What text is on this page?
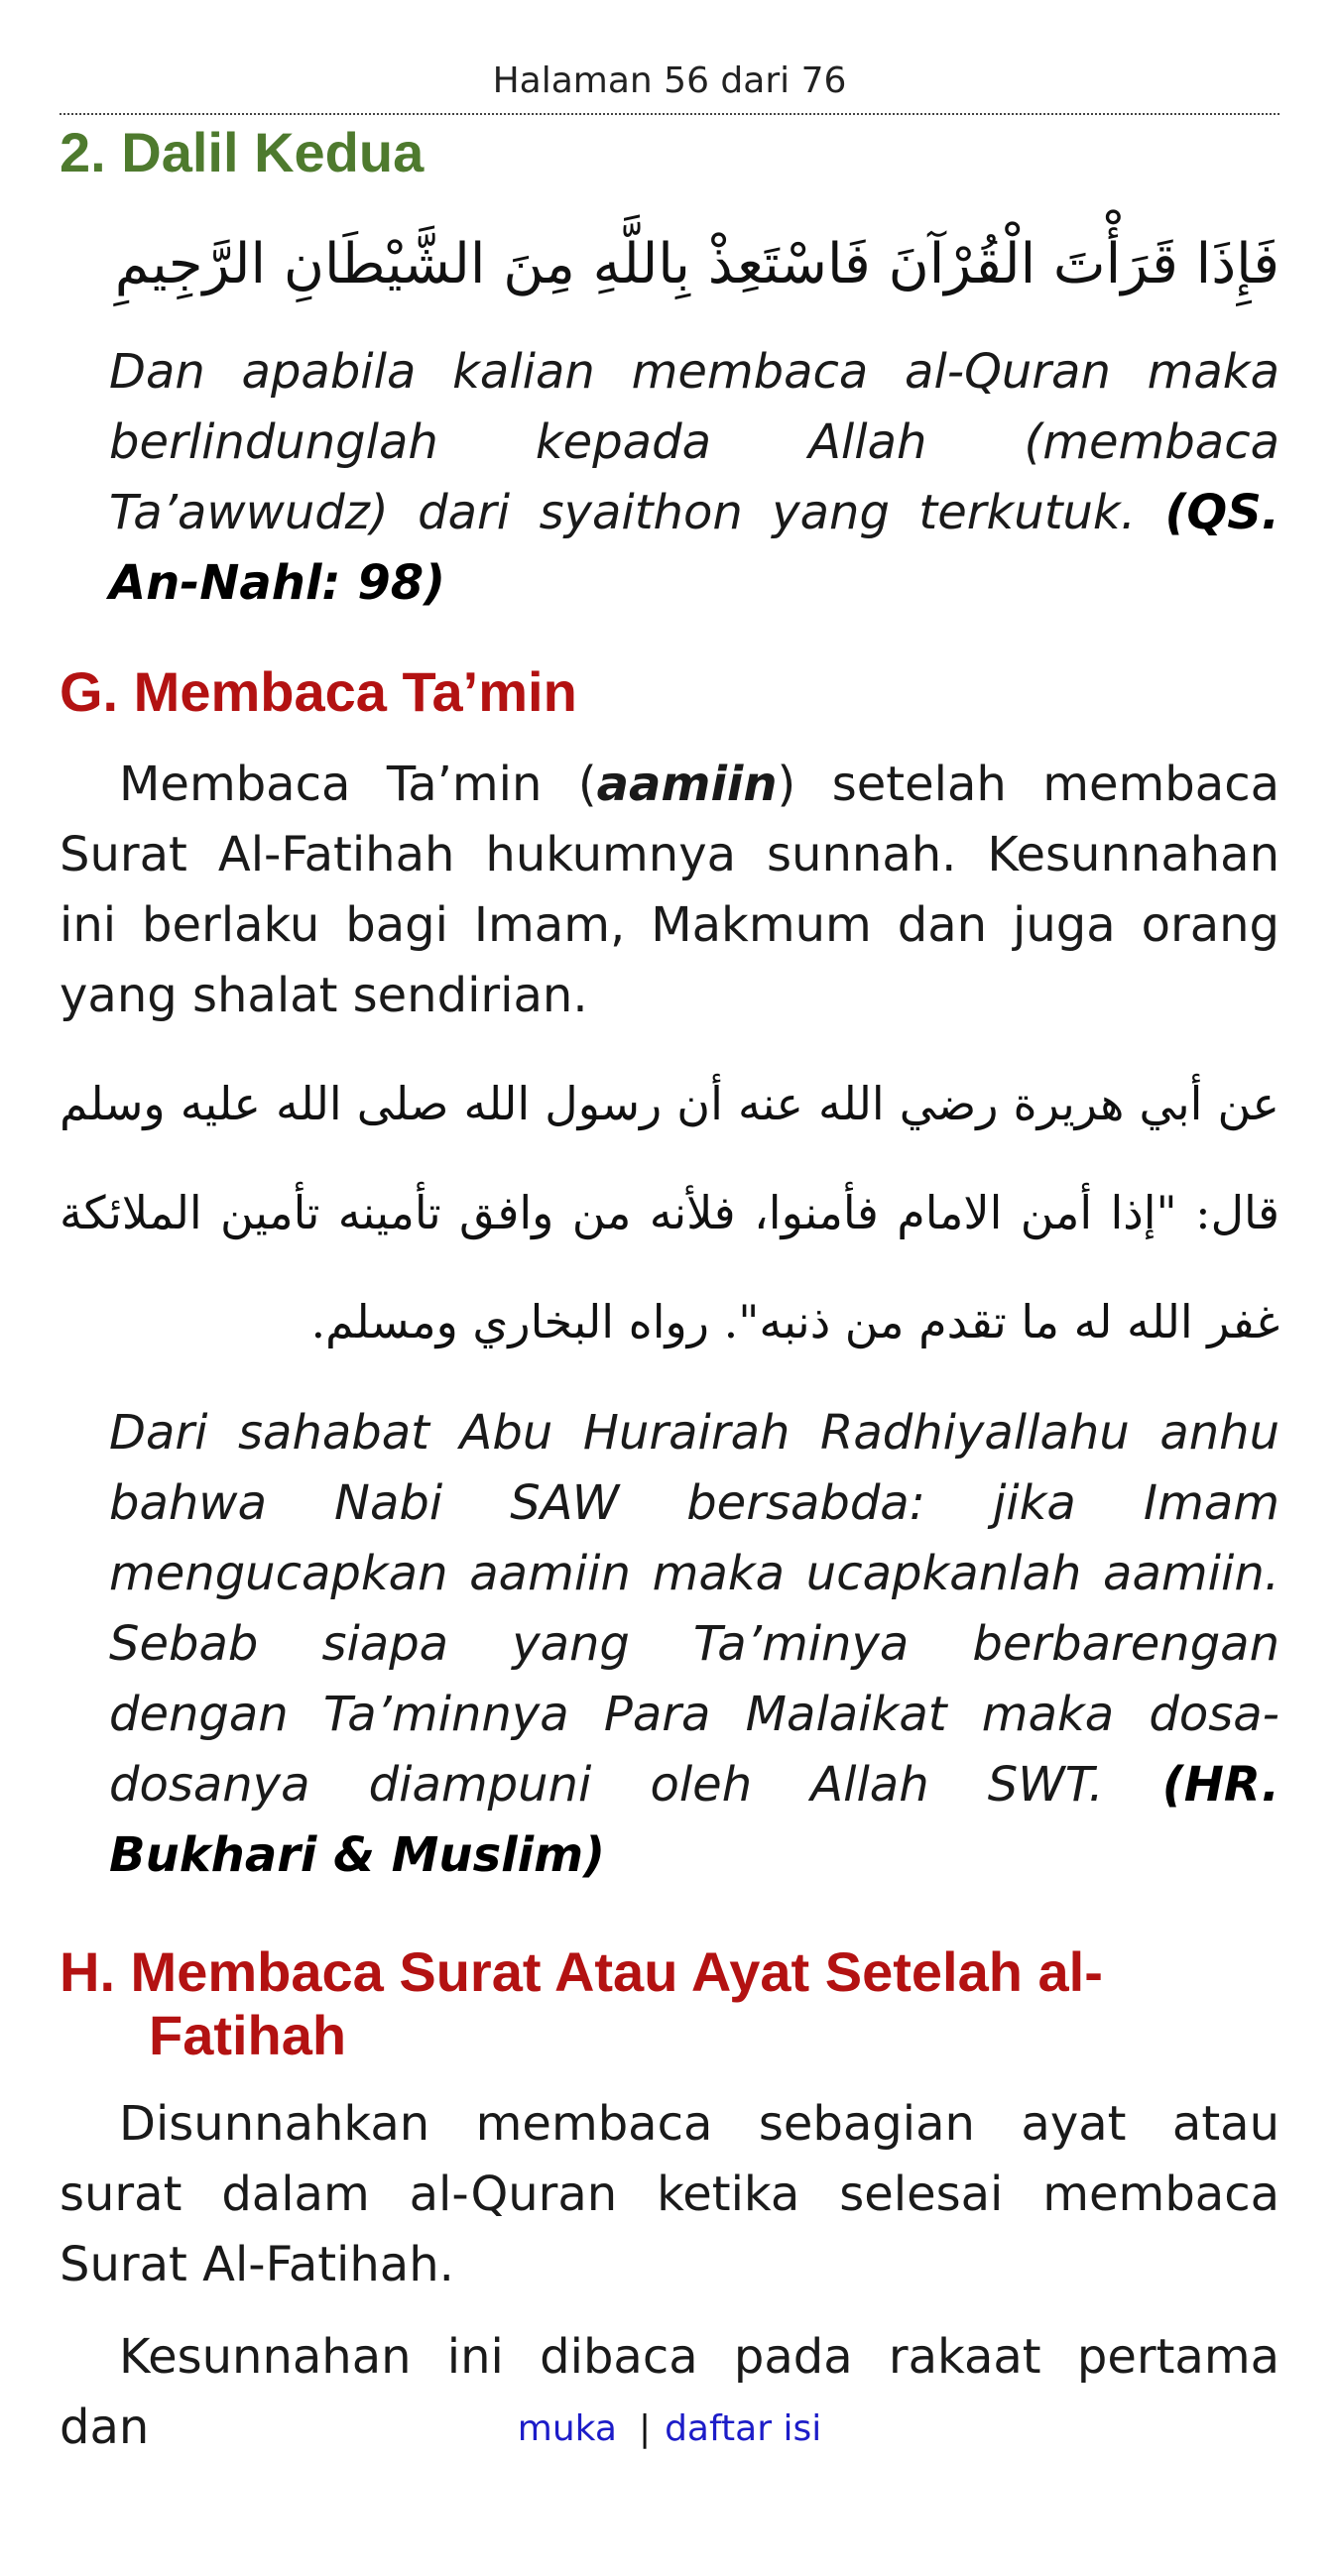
Halaman 56 dari 76
2. Dalil Kedua

فَإِذَا قَرَأْتَ الْقُرْآنَ فَاسْتَعِذْ بِاللَّهِ مِنَ الشَّيْطَانِ الرَّجِيمِ

Dan apabila kalian membaca al-Quran maka berlindunglah kepada Allah (membaca Ta’awwudz) dari syaithon yang terkutuk. (QS. An-Nahl: 98)

G. Membaca Ta’min

Membaca Ta’min (aamiin) setelah membaca Surat Al-Fatihah hukumnya sunnah. Kesunnahan ini berlaku bagi Imam, Makmum dan juga orang yang shalat sendirian.

عن أبي هريرة رضي الله عنه أن رسول الله صلى الله عليه وسلم قال: "إذا أمن الامام فأمنوا، فلأنه من وافق تأمينه تأمين الملائكة غفر الله له ما تقدم من ذنبه". رواه البخاري ومسلم.

Dari sahabat Abu Hurairah Radhiyallahu anhu bahwa Nabi SAW bersabda: jika Imam mengucapkan aamiin maka ucapkanlah aamiin. Sebab siapa yang Ta’minya berbarengan dengan Ta’minnya Para Malaikat maka dosa-dosanya diampuni oleh Allah SWT. (HR. Bukhari & Muslim)

H. Membaca Surat Atau Ayat Setelah al-
Fatihah

Disunnahkan membaca sebagian ayat atau surat dalam al-Quran ketika selesai membaca Surat Al-Fatihah.

Kesunnahan ini dibaca pada rakaat pertama dan	muka | daftar isi
